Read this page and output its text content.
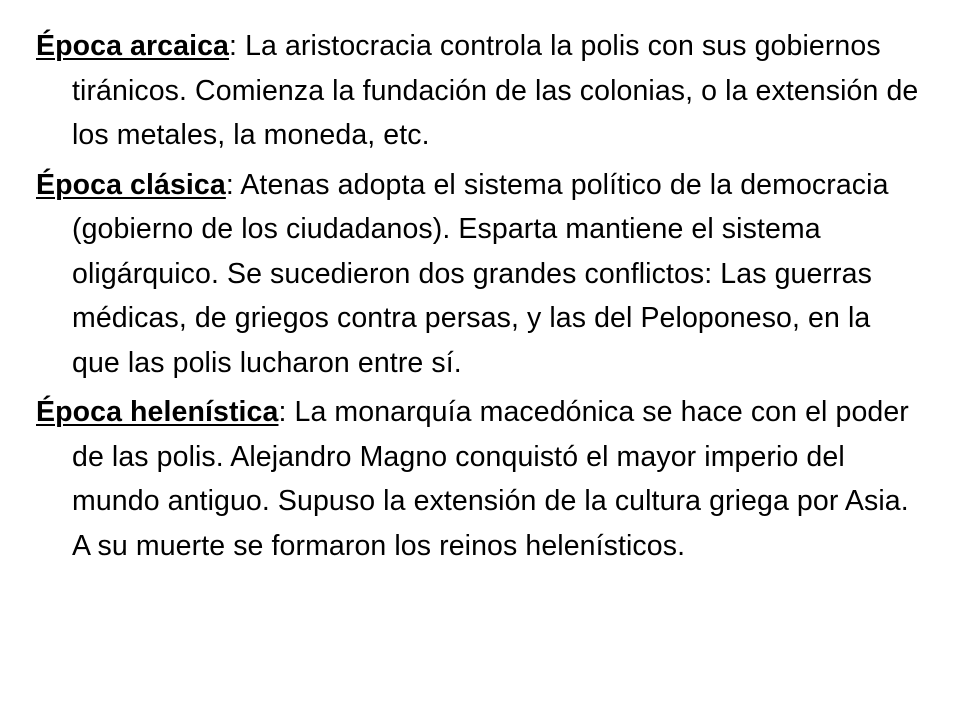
Época arcaica: La aristocracia controla la polis con sus gobiernos tiránicos. Comienza la fundación de las colonias, o la extensión de los metales, la moneda, etc.

Época clásica: Atenas adopta el sistema político de la democracia (gobierno de los ciudadanos). Esparta mantiene el sistema oligárquico. Se sucedieron dos grandes conflictos: Las guerras médicas, de griegos contra persas, y las del Peloponeso, en la que las polis lucharon entre sí.

Época helenística: La monarquía macedónica se hace con el poder de las polis. Alejandro Magno conquistó el mayor imperio del mundo antiguo. Supuso la extensión de la cultura griega por Asia. A su muerte se formaron los reinos helenísticos.
